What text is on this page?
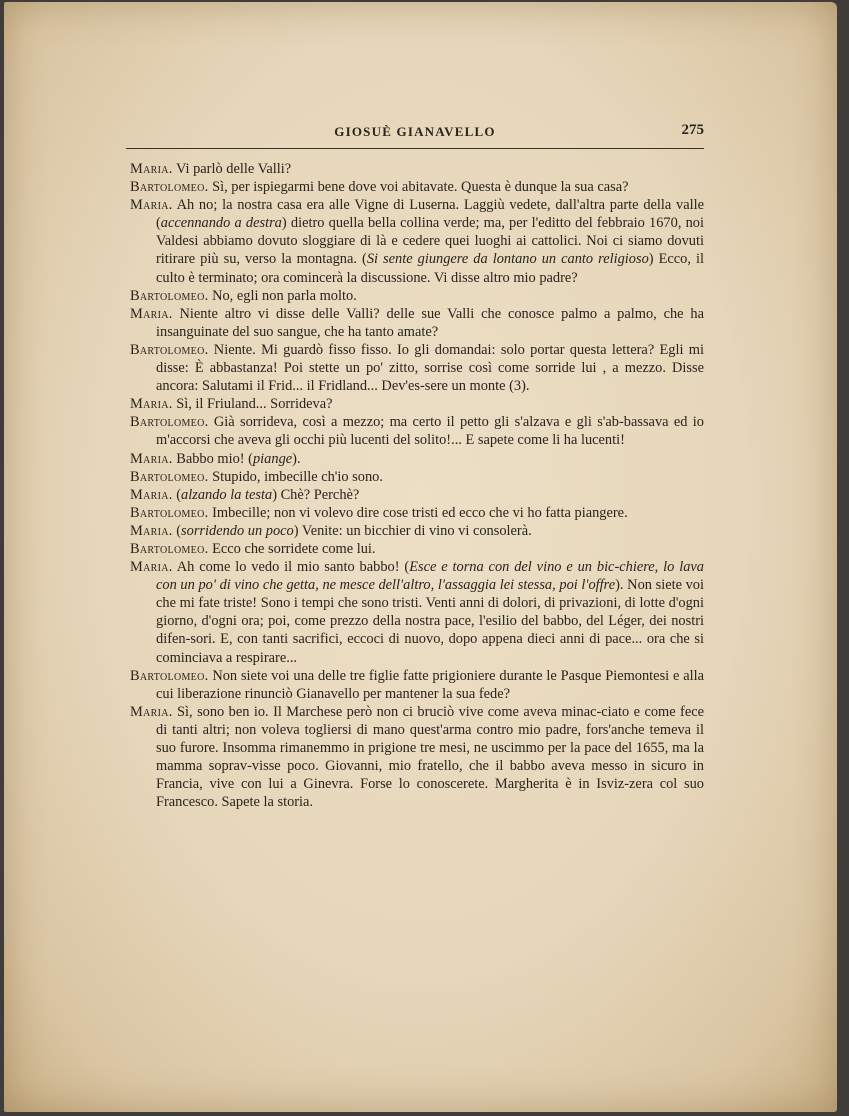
GIOSUÈ GIANAVELLO	275

Maria. Vi parlò delle Valli?

Bartolomeo. Sì, per ispiegarmi bene dove voi abitavate. Questa è dunque la sua casa?

Maria. Ah no; la nostra casa era alle Vigne di Luserna. Laggiù vedete, dall'altra parte della valle (accennando a destra) dietro quella bella collina verde; ma, per l'editto del febbraio 1670, noi Valdesi abbiamo dovuto sloggiare di là e cedere quei luoghi ai cattolici. Noi ci siamo dovuti ritirare più su, verso la montagna. (Si sente giungere da lontano un canto religioso) Ecco, il culto è terminato; ora comincerà la discussione. Vi disse altro mio padre?

Bartolomeo. No, egli non parla molto.

Maria. Niente altro vi disse delle Valli? delle sue Valli che conosce palmo a palmo, che ha insanguinate del suo sangue, che ha tanto amate?

Bartolomeo. Niente. Mi guardò fisso fisso. Io gli domandai: solo portar questa lettera? Egli mi disse: È abbastanza! Poi stette un po' zitto, sorrise così come sorride lui , a mezzo. Disse ancora: Salutami il Frid... il Fridland... Dev'es-sere un monte (3).

Maria. Sì, il Friuland... Sorrideva?

Bartolomeo. Già sorrideva, così a mezzo; ma certo il petto gli s'alzava e gli s'ab-bassava ed io m'accorsi che aveva gli occhi più lucenti del solito!... E sapete come li ha lucenti!

Maria. Babbo mio! (piange).

Bartolomeo. Stupido, imbecille ch'io sono.

Maria. (alzando la testa) Chè? Perchè?

Bartolomeo. Imbecille; non vi volevo dire cose tristi ed ecco che vi ho fatta piangere.

Maria. (sorridendo un poco) Venite: un bicchier di vino vi consolerà.

Bartolomeo. Ecco che sorridete come lui.

Maria. Ah come lo vedo il mio santo babbo! (Esce e torna con del vino e un bic-chiere, lo lava con un po' di vino che getta, ne mesce dell'altro, l'assaggia lei stessa, poi l'offre). Non siete voi che mi fate triste! Sono i tempi che sono tristi. Venti anni di dolori, di privazioni, di lotte d'ogni giorno, d'ogni ora; poi, come prezzo della nostra pace, l'esilio del babbo, del Léger, dei nostri difen-sori. E, con tanti sacrifici, eccoci di nuovo, dopo appena dieci anni di pace... ora che si cominciava a respirare...

Bartolomeo. Non siete voi una delle tre figlie fatte prigioniere durante le Pasque Piemontesi e alla cui liberazione rinunciò Gianavello per mantener la sua fede?

Maria. Sì, sono ben io. Il Marchese però non ci bruciò vive come aveva minac-ciato e come fece di tanti altri; non voleva togliersi di mano quest'arma contro mio padre, fors'anche temeva il suo furore. Insomma rimanemmo in prigione tre mesi, ne uscimmo per la pace del 1655, ma la mamma soprav-visse poco. Giovanni, mio fratello, che il babbo aveva messo in sicuro in Francia, vive con lui a Ginevra. Forse lo conoscerete. Margherita è in Isviz-zera col suo Francesco. Sapete la storia.
